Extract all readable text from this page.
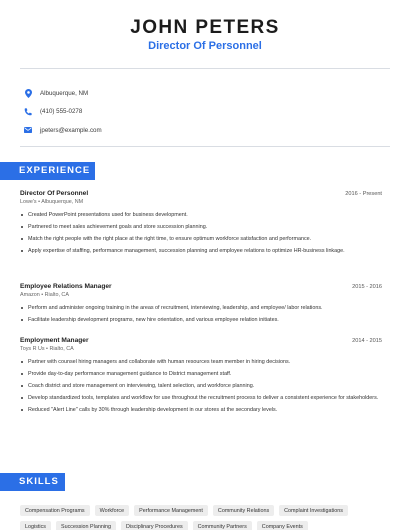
JOHN PETERS
Director Of Personnel
Albuquerque, NM
(410) 555-0278
jpeters@example.com
EXPERIENCE
Director Of Personnel	2016 - Present
Lowe's • Albuquerque, NM
Created PowerPoint presentations used for business development.
Partnered to meet sales achievement goals and store succession planning.
Match the right people with the right place at the right time, to ensure optimum workforce satisfaction and performance.
Apply expertise of staffing, performance management, succession planning and employee relations to optimize HR-business linkage.
Employee Relations Manager	2015 - 2016
Amazon • Rialto, CA
Perform and administer ongoing training in the areas of recruitment, interviewing, leadership, and employee/ labor relations.
Facilitate leadership development programs, new hire orientation, and various employee relation initiates.
Employment Manager	2014 - 2015
Toys R Us • Rialto, CA
Partner with counsel hiring managers and collaborate with human resources team member in hiring decisions.
Provide day-to-day performance management guidance to District management staff.
Coach district and store management on interviewing, talent selection, and workforce planning.
Develop standardized tools, templates and workflow for use throughout the recruitment process to deliver a consistent experience for stakeholders.
Reduced "Alert Line" calls by 30% through leadership development in our stores at the secondary levels.
SKILLS
Compensation Programs	Workforce	Performance Management	Community Relations	Complaint Investigations
Logistics	Succession Planning	Disciplinary Procedures	Community Partners	Company Events
